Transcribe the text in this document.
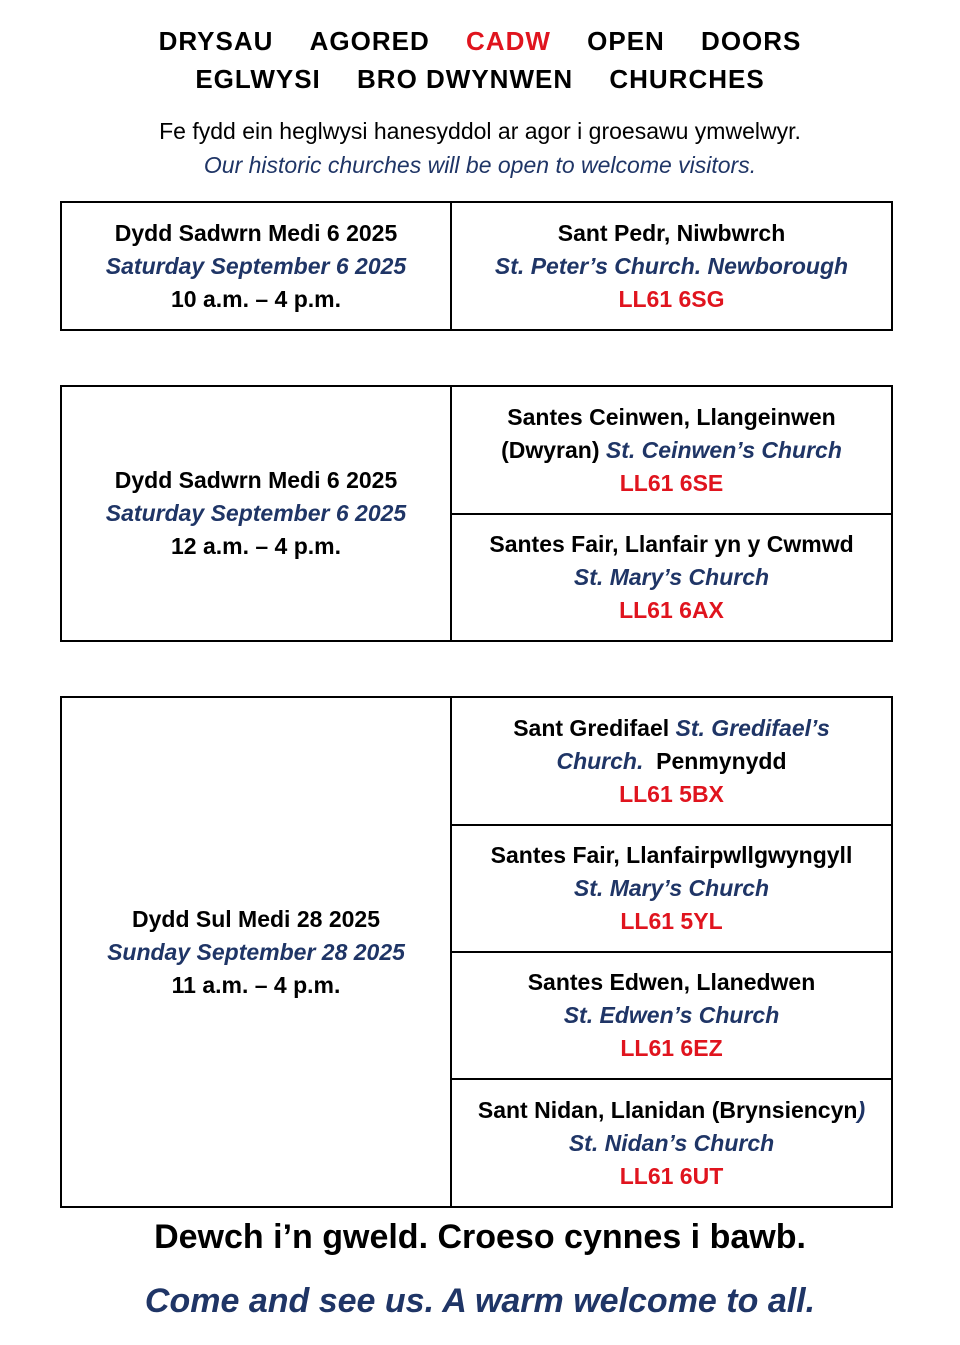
DRYSAU AGORED CADW OPEN DOORS
EGLWYSI BRO DWYNWEN CHURCHES
Fe fydd ein heglwysi hanesyddol ar agor i groesawu ymwelwyr.
Our historic churches will be open to welcome visitors.
Dydd Sadwrn Medi 6 2025
Saturday September 6 2025
10 a.m. – 4 p.m.

Sant Pedr, Niwbwrch
St. Peter’s Church. Newborough
LL61 6SG
Dydd Sadwrn Medi 6 2025
Saturday September 6 2025
12 a.m. – 4 p.m.

Santes Ceinwen, Llangeinwen
(Dwyran) St. Ceinwen’s Church
LL61 6SE

Santes Fair, Llanfair yn y Cwmwd
St. Mary’s Church
LL61 6AX
Dydd Sul Medi 28 2025
Sunday September 28 2025
11 a.m. – 4 p.m.

Sant Gredifael St. Gredifael’s
Church. Penmynydd
LL61 5BX

Santes Fair, Llanfairpwllgwyngyll
St. Mary’s Church
LL61 5YL

Santes Edwen, Llanedwen
St. Edwen’s Church
LL61 6EZ

Sant Nidan, Llanidan (Brynsiencyn)
St. Nidan’s Church
LL61 6UT
Dewch i’n gweld. Croeso cynnes i bawb.
Come and see us. A warm welcome to all.
